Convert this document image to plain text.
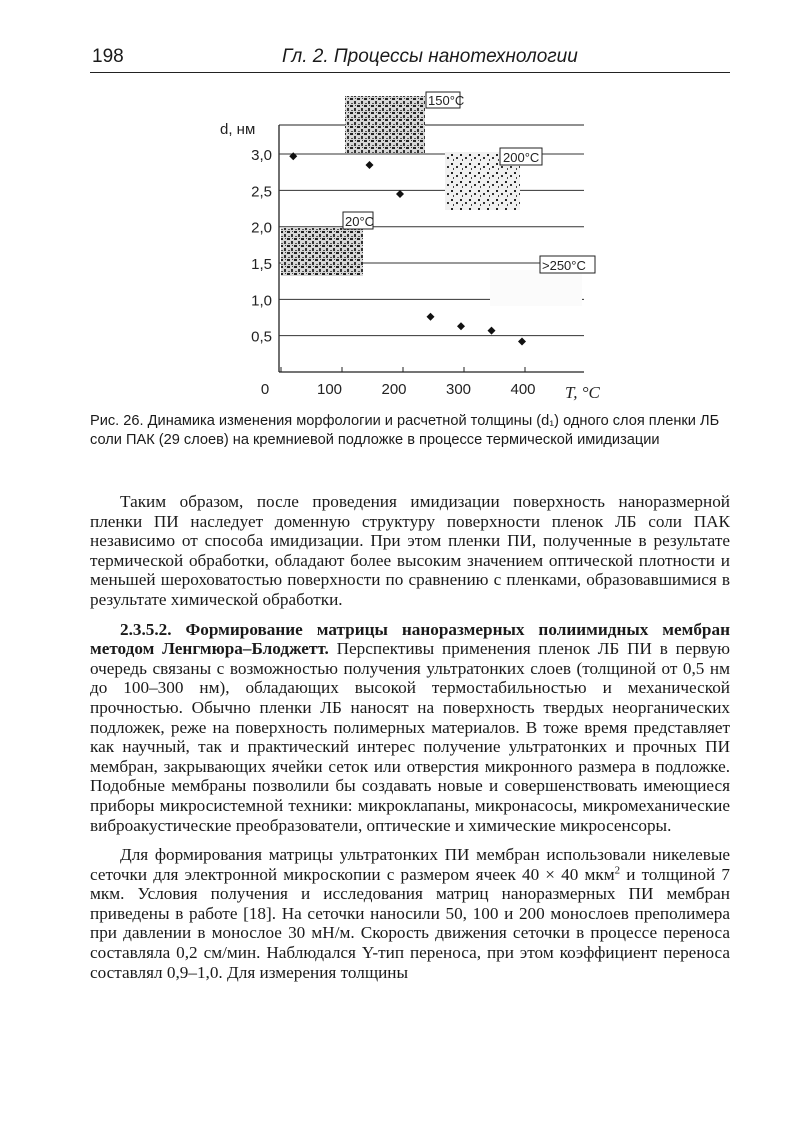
198	Гл. 2. Процессы нанотехнологии
0,5
1,0
1,5
2,0
2,5
3,0
0	100	200	300	400
d, нм
T, °C
150°C
200°C
20°C
>250°C
Рис. 26. Динамика изменения морфологии и расчетной толщины (d₁) одного слоя пленки ЛБ соли ПАК (29 слоев) на кремниевой подложке в процессе термической имидизации

Таким образом, после проведения имидизации поверхность наноразмерной пленки ПИ наследует доменную структуру поверхности пленок ЛБ соли ПАК независимо от способа имидизации. При этом пленки ПИ, полученные в результате термической обработки, обладают более высоким значением оптической плотности и меньшей шероховатостью поверхности по сравнению с пленками, образовавшимися в результате химической обработки.

2.3.5.2. Формирование матрицы наноразмерных полиимидных мембран методом Ленгмюра–Блоджетт. Перспективы применения пленок ЛБ ПИ в первую очередь связаны с возможностью получения ультратонких слоев (толщиной от 0,5 нм до 100–300 нм), обладающих высокой термостабильностью и механической прочностью. Обычно пленки ЛБ наносят на поверхность твердых неорганических подложек, реже на поверхность полимерных материалов. В тоже время представляет как научный, так и практический интерес получение ультратонких и прочных ПИ мембран, закрывающих ячейки сеток или отверстия микронного размера в подложке. Подобные мембраны позволили бы создавать новые и совершенствовать имеющиеся приборы микросистемной техники: микроклапаны, микронасосы, микромеханические виброакустические преобразователи, оптические и химические микросенсоры.

Для формирования матрицы ультратонких ПИ мембран использовали никелевые сеточки для электронной микроскопии с размером ячеек 40 × 40 мкм$^2$ и толщиной 7 мкм. Условия получения и исследования матриц наноразмерных ПИ мембран приведены в работе [18]. На сеточки наносили 50, 100 и 200 монослоев преполимера при давлении в монослое 30 мН/м. Скорость движения сеточки в процессе переноса составляла 0,2 см/мин. Наблюдался Y-тип переноса, при этом коэффициент переноса составлял 0,9–1,0. Для измерения толщины
